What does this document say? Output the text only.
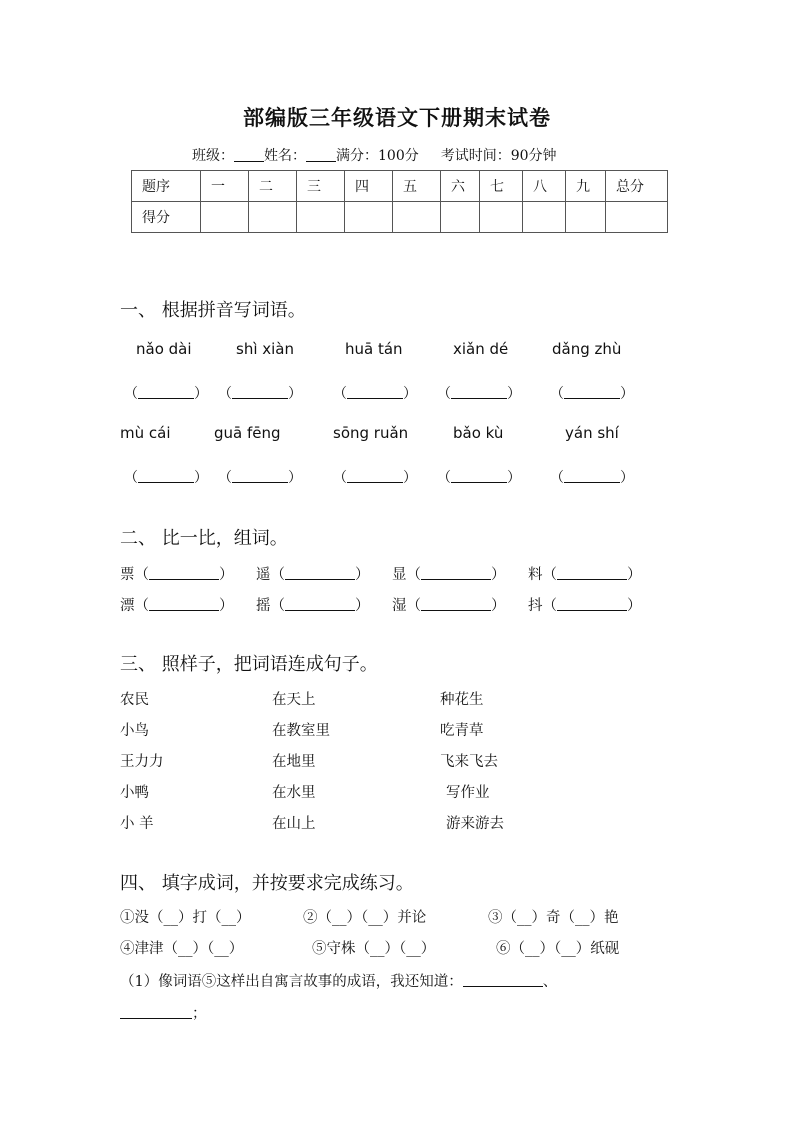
部编版三年级语文下册期末试卷
班级： 姓名： 满分：100分 考试时间：90分钟
题序	一	二	三	四	五	六	七	八	九	总分
得分										
一、 根据拼音写词语。
nǎo dài	shì xiàn	huā tán	xiǎn dé	dǎng zhù
（	） （	） （	） （	） （	）
mù cái	guā fēng	sōng ruǎn	bǎo kù	yán shí
（	） （	） （	） （	） （	）
二、 比一比，组词。
票（	） 遥（	） 显（	） 料（	）
漂（	） 摇（	） 湿（	） 抖（	）
三、 照样子，把词语连成句子。
农民
小鸟
王力力
小鸭
小 羊
在天上
在教室里
在地里
在水里
在山上
种花生
吃青草
飞来飞去
写作业
游来游去
四、 填字成词，并按要求完成练习。
①没（__）打（__）	②（__）（__）并论	③（__）奇（__）艳
④津津（__）（__）	⑤守株（__）（__）	⑥（__）（__）纸砚
（1）像词语⑤这样出自寓言故事的成语，我还知道：	、
；
